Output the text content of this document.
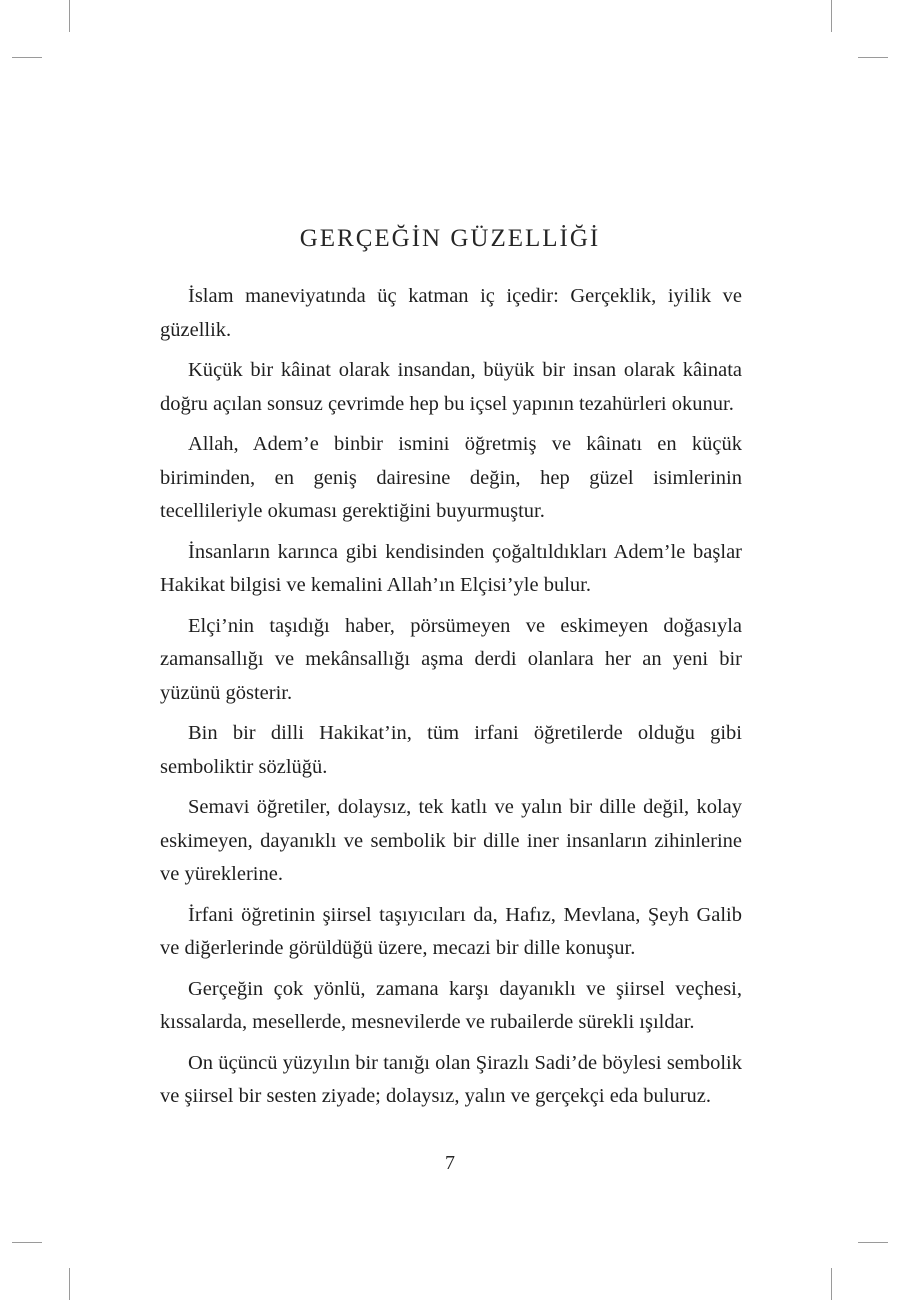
GERÇEĞİN GÜZELLİĞİ

İslam maneviyatında üç katman iç içedir: Gerçeklik, iyilik ve güzellik.

Küçük bir kâinat olarak insandan, büyük bir insan olarak kâinata doğru açılan sonsuz çevrimde hep bu içsel yapının tezahürleri okunur.

Allah, Adem’e binbir ismini öğretmiş ve kâinatı en küçük biriminden, en geniş dairesine değin, hep güzel isimlerinin tecellileriyle okuması gerektiğini buyurmuştur.

İnsanların karınca gibi kendisinden çoğaltıldıkları Adem’le başlar Hakikat bilgisi ve kemalini Allah’ın Elçisi’yle bulur.

Elçi’nin taşıdığı haber, pörsümeyen ve eskimeyen doğasıyla zamansallığı ve mekânsallığı aşma derdi olanlara her an yeni bir yüzünü gösterir.

Bin bir dilli Hakikat’in, tüm irfani öğretilerde olduğu gibi semboliktir sözlüğü.

Semavi öğretiler, dolaysız, tek katlı ve yalın bir dille değil, kolay eskimeyen, dayanıklı ve sembolik bir dille iner insanların zihinlerine ve yüreklerine.

İrfani öğretinin şiirsel taşıyıcıları da, Hafız, Mevlana, Şeyh Galib ve diğerlerinde görüldüğü üzere, mecazi bir dille konuşur.

Gerçeğin çok yönlü, zamana karşı dayanıklı ve şiirsel veçhesi, kıssalarda, mesellerde, mesnevilerde ve rubailerde sürekli ışıldar.

On üçüncü yüzyılın bir tanığı olan Şirazlı Sadi’de böylesi sembolik ve şiirsel bir sesten ziyade; dolaysız, yalın ve gerçekçi eda buluruz.

7
